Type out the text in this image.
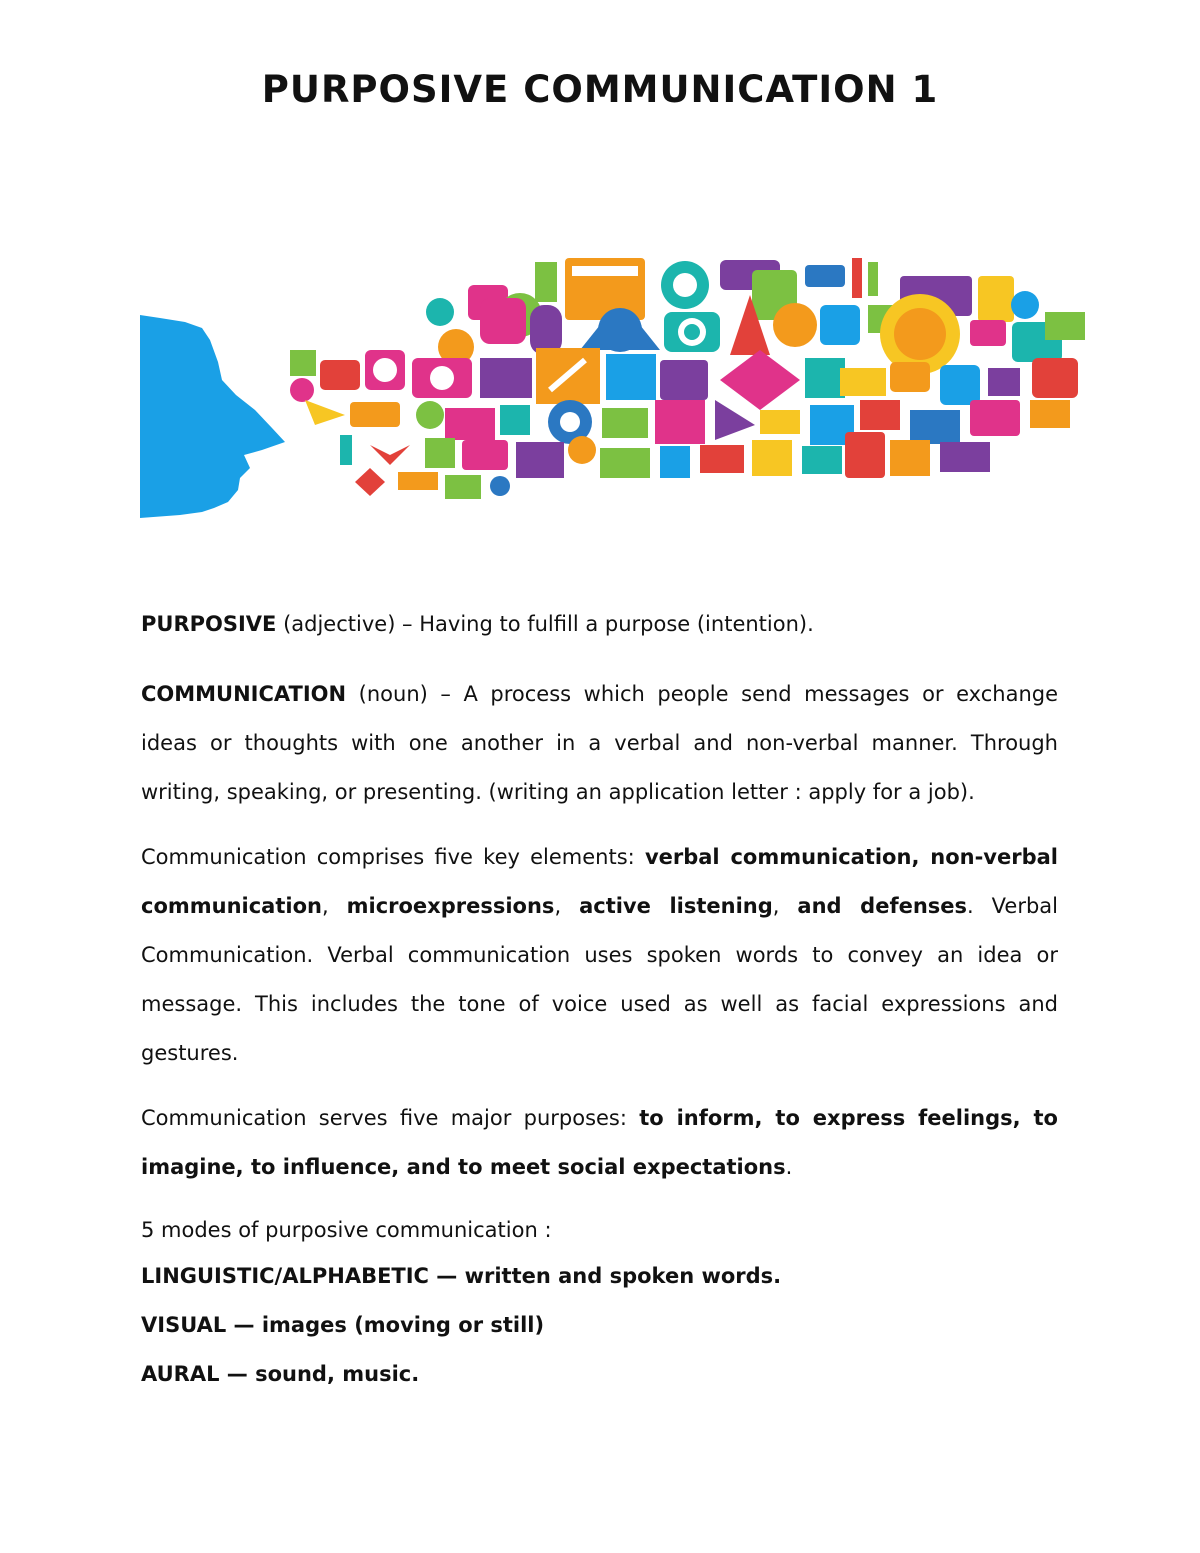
PURPOSIVE COMMUNICATION 1

PURPOSIVE (adjective) – Having to fulfill a purpose (intention).

COMMUNICATION (noun) – A process which people send messages or exchange ideas or thoughts with one another in a verbal and non-verbal manner. Through writing, speaking, or presenting. (writing an application letter : apply for a job).

Communication comprises five key elements: verbal communication, non-verbal communication, microexpressions, active listening, and defenses. Verbal Communication. Verbal communication uses spoken words to convey an idea or message. This includes the tone of voice used as well as facial expressions and gestures.

Communication serves five major purposes: to inform, to express feelings, to imagine, to influence, and to meet social expectations.

5 modes of purposive communication :

LINGUISTIC/ALPHABETIC — written and spoken words.

VISUAL — images (moving or still)

AURAL — sound, music.
